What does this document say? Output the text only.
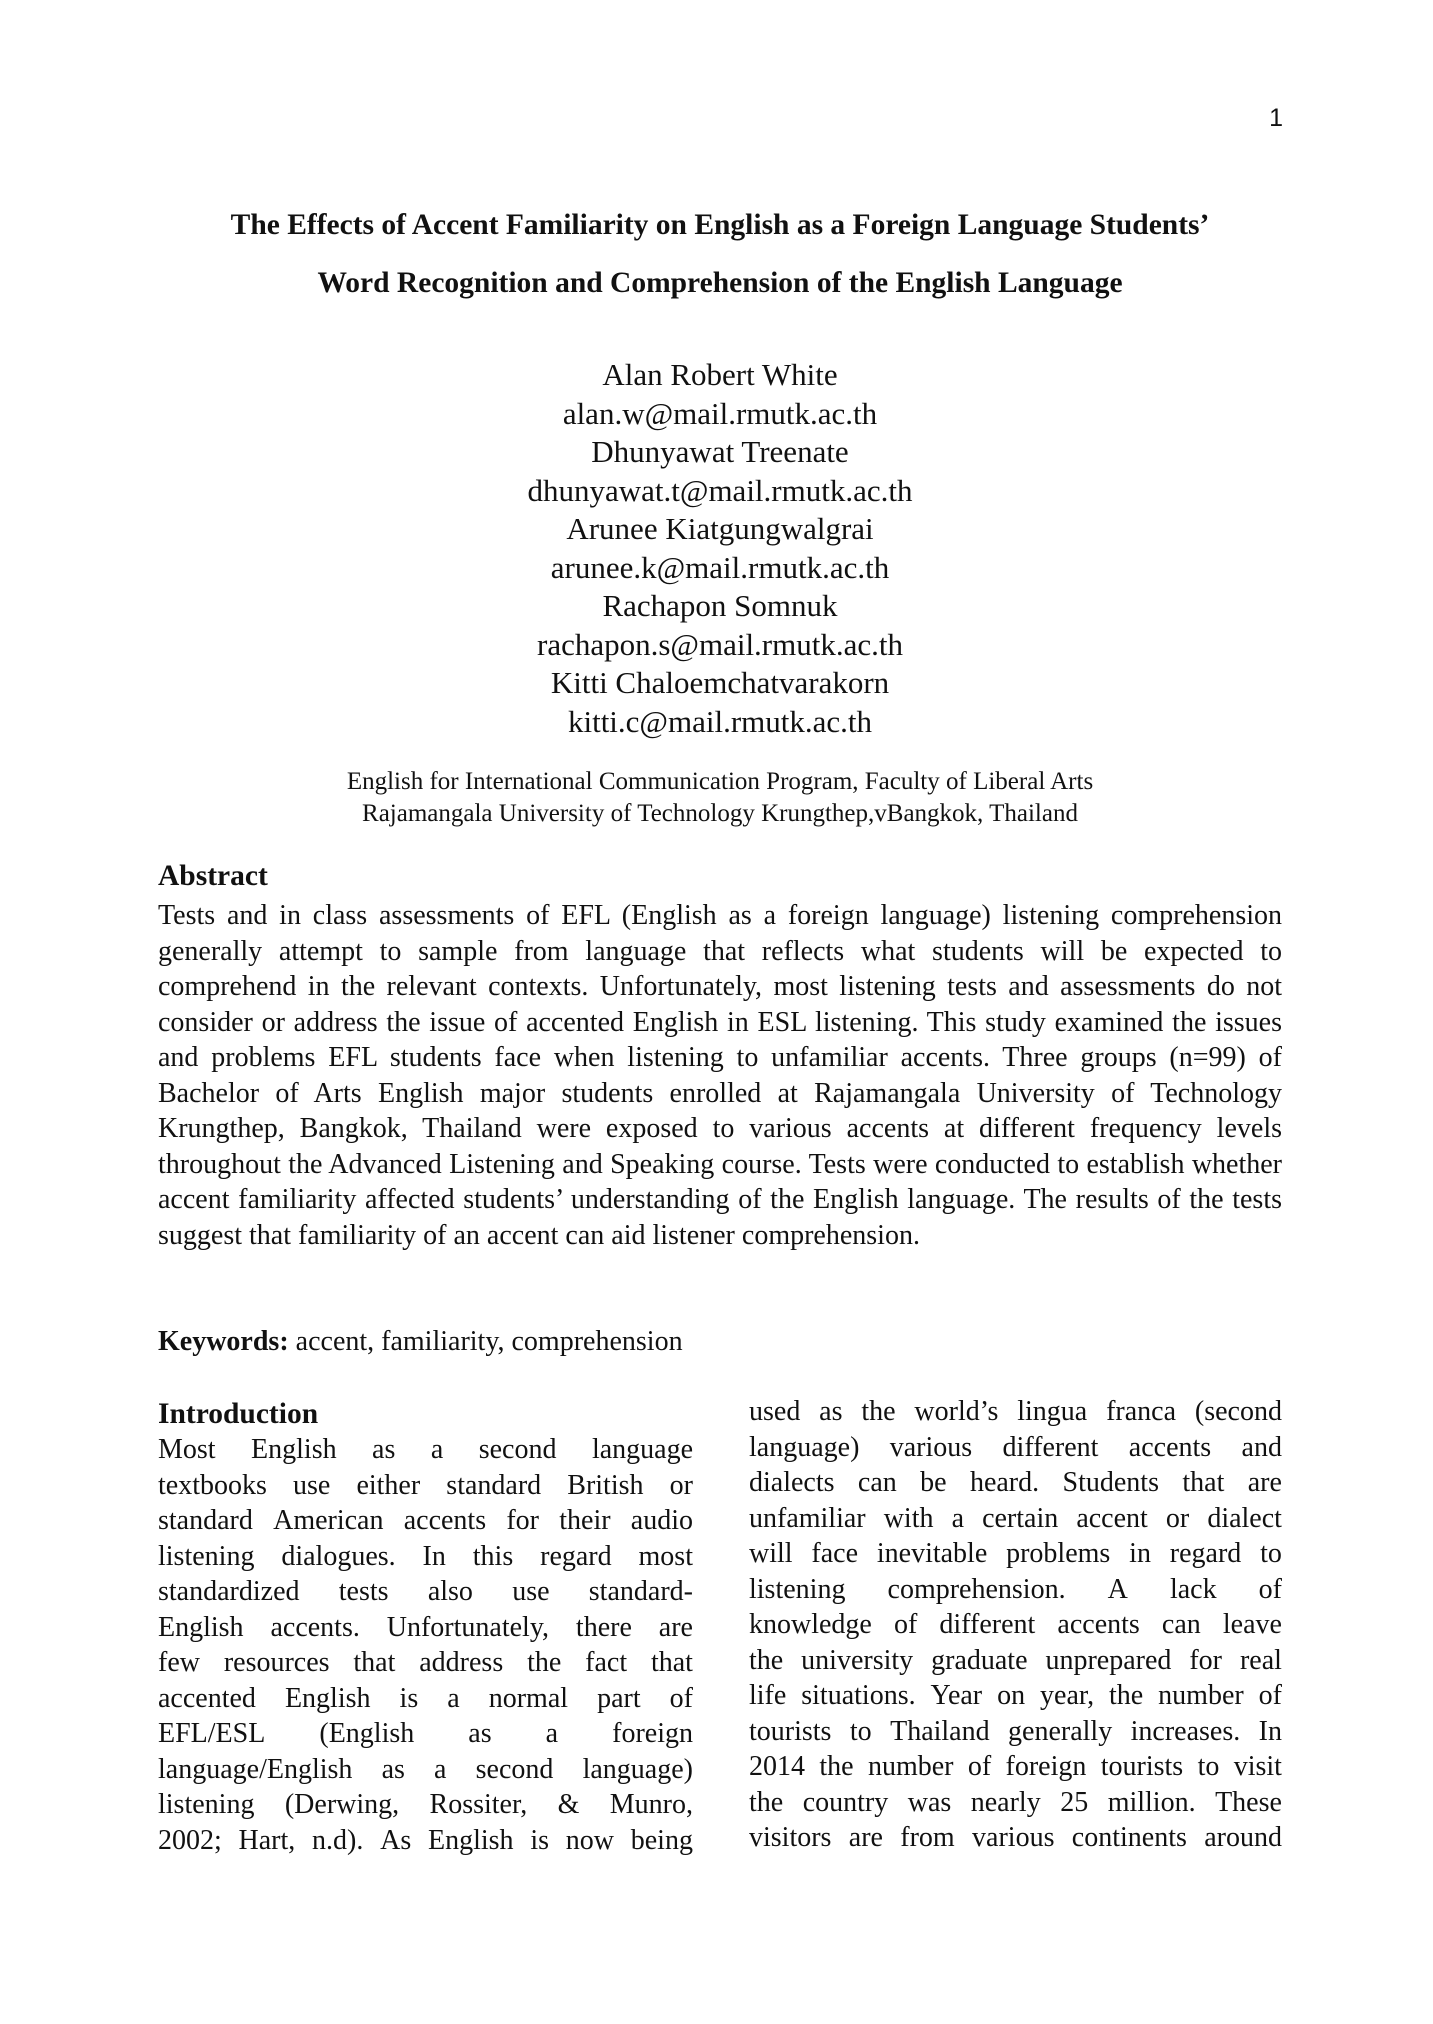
1
The Effects of Accent Familiarity on English as a Foreign Language Students’
Word Recognition and Comprehension of the English Language
Alan Robert White
alan.w@mail.rmutk.ac.th
Dhunyawat Treenate
dhunyawat.t@mail.rmutk.ac.th
Arunee Kiatgungwalgrai
arunee.k@mail.rmutk.ac.th
Rachapon Somnuk
rachapon.s@mail.rmutk.ac.th
Kitti Chaloemchatvarakorn
kitti.c@mail.rmutk.ac.th
English for International Communication Program, Faculty of Liberal Arts
Rajamangala University of Technology Krungthep,vBangkok, Thailand
Abstract
Tests and in class assessments of EFL (English as a foreign language) listening comprehension generally attempt to sample from language that reflects what students will be expected to comprehend in the relevant contexts. Unfortunately, most listening tests and assessments do not consider or address the issue of accented English in ESL listening. This study examined the issues and problems EFL students face when listening to unfamiliar accents. Three groups (n=99) of Bachelor of Arts English major students enrolled at Rajamangala University of Technology Krungthep, Bangkok, Thailand were exposed to various accents at different frequency levels throughout the Advanced Listening and Speaking course. Tests were conducted to establish whether accent familiarity affected students’ understanding of the English language. The results of the tests suggest that familiarity of an accent can aid listener comprehension.
Keywords: accent, familiarity, comprehension
Introduction
Most English as a second language
textbooks use either standard British or
standard American accents for their audio
listening dialogues. In this regard most
standardized tests also use standard-
English accents. Unfortunately, there are
few resources that address the fact that
accented English is a normal part of
EFL/ESL (English as a foreign
language/English as a second language)
listening (Derwing, Rossiter, & Munro,
2002; Hart, n.d). As English is now being
used as the world’s lingua franca (second
language) various different accents and
dialects can be heard. Students that are
unfamiliar with a certain accent or dialect
will face inevitable problems in regard to
listening comprehension. A lack of
knowledge of different accents can leave
the university graduate unprepared for real
life situations. Year on year, the number of
tourists to Thailand generally increases. In
2014 the number of foreign tourists to visit
the country was nearly 25 million. These
visitors are from various continents around
